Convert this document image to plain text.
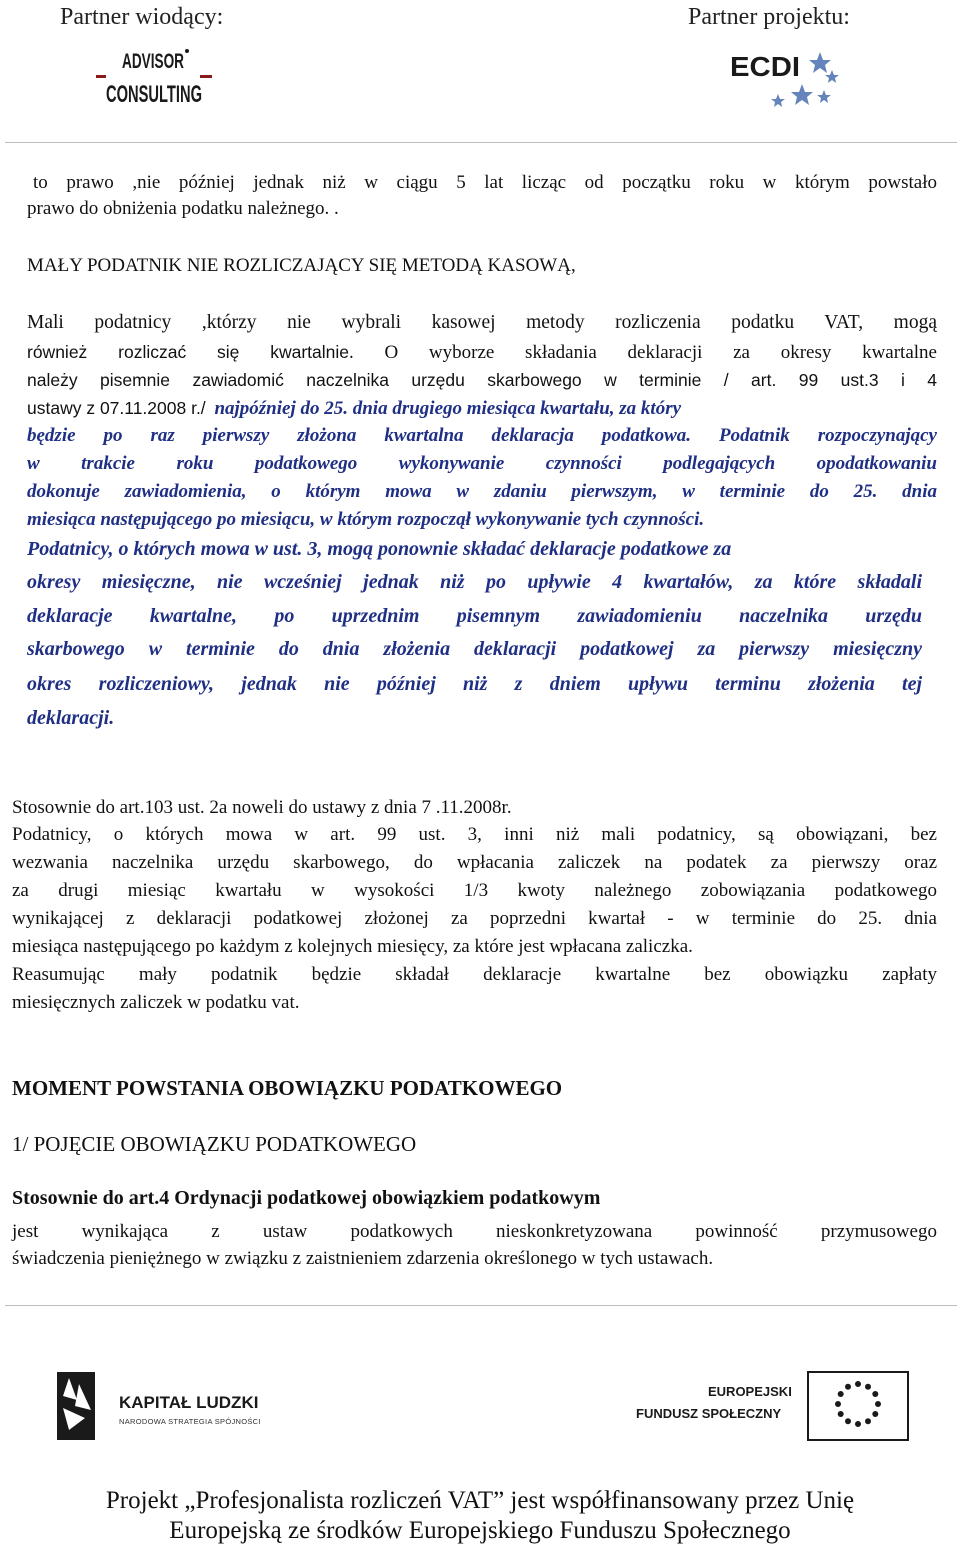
Partner wiodący:	Partner projektu:
ADVISOR
CONSULTING
ECDI
to prawo ,nie później jednak niż w ciągu 5 lat licząc od początku roku w którym powstało
prawo do obniżenia podatku należnego. .
MAŁY PODATNIK NIE ROZLICZAJĄCY SIĘ METODĄ KASOWĄ,
Mali podatnicy ,którzy nie wybrali kasowej metody rozliczenia podatku VAT, mogą
również rozliczać się kwartalnie. O wyborze składania deklaracji za okresy kwartalne
należy pisemnie zawiadomić naczelnika urzędu skarbowego w terminie / art. 99 ust.3 i 4
ustawy z 07.11.2008 r./ najpóźniej do 25. dnia drugiego miesiąca kwartału, za który
będzie po raz pierwszy złożona kwartalna deklaracja podatkowa. Podatnik rozpoczynający
w trakcie roku podatkowego wykonywanie czynności podlegających opodatkowaniu
dokonuje zawiadomienia, o którym mowa w zdaniu pierwszym, w terminie do 25. dnia
miesiąca następującego po miesiącu, w którym rozpoczął wykonywanie tych czynności.
Podatnicy, o których mowa w ust. 3, mogą ponownie składać deklaracje podatkowe za
okresy miesięczne, nie wcześniej jednak niż po upływie 4 kwartałów, za które składali
deklaracje kwartalne, po uprzednim pisemnym zawiadomieniu naczelnika urzędu
skarbowego w terminie do dnia złożenia deklaracji podatkowej za pierwszy miesięczny
okres rozliczeniowy, jednak nie później niż z dniem upływu terminu złożenia tej
deklaracji.
Stosownie do art.103 ust. 2a noweli do ustawy z dnia 7 .11.2008r.
Podatnicy, o których mowa w art. 99 ust. 3, inni niż mali podatnicy, są obowiązani, bez
wezwania naczelnika urzędu skarbowego, do wpłacania zaliczek na podatek za pierwszy oraz
za drugi miesiąc kwartału w wysokości 1/3 kwoty należnego zobowiązania podatkowego
wynikającej z deklaracji podatkowej złożonej za poprzedni kwartał - w terminie do 25. dnia
miesiąca następującego po każdym z kolejnych miesięcy, za które jest wpłacana zaliczka.
Reasumując mały podatnik będzie składał deklaracje kwartalne bez obowiązku zapłaty
miesięcznych zaliczek w podatku vat.
MOMENT POWSTANIA OBOWIĄZKU PODATKOWEGO
1/ POJĘCIE OBOWIĄZKU PODATKOWEGO
Stosownie do art.4 Ordynacji podatkowej obowiązkiem podatkowym
jest wynikająca z ustaw podatkowych nieskonkretyzowana powinność przymusowego
świadczenia pieniężnego w związku z zaistnieniem zdarzenia określonego w tych ustawach.
KAPITAŁ LUDZKI
NARODOWA STRATEGIA SPÓJNOŚCI
EUROPEJSKI
FUNDUSZ SPOŁECZNY
Projekt „Profesjonalista rozliczeń VAT” jest współfinansowany przez Unię
Europejską ze środków Europejskiego Funduszu Społecznego
